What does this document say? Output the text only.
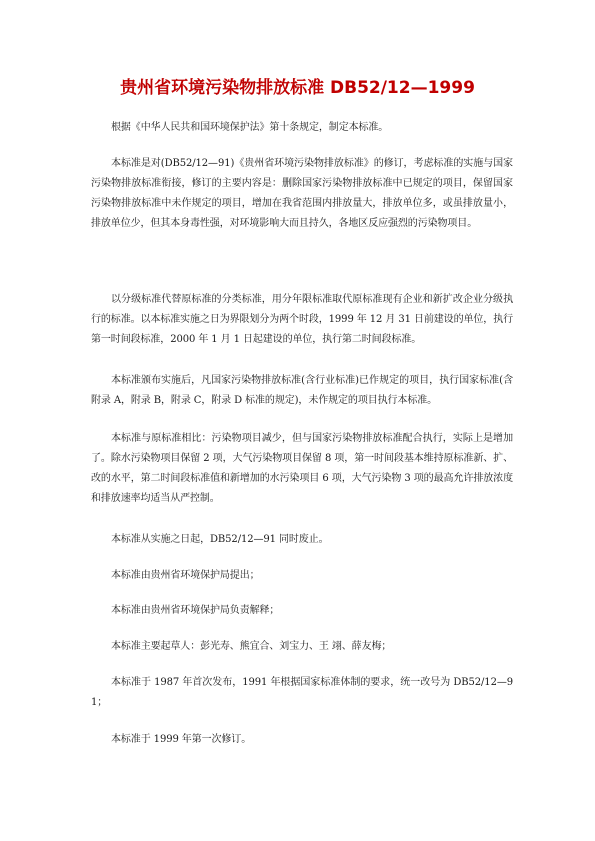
贵州省环境污染物排放标准 DB52/12—1999

根据《中华人民共和国环境保护法》第十条规定，制定本标准。

本标准是对(DB52/12—91)《贵州省环境污染物排放标准》的修订，考虑标准的实施与国家污染物排放标准衔接，修订的主要内容是：删除国家污染物排放标准中已规定的项目，保留国家污染物排放标准中未作规定的项目，增加在我省范围内排放量大，排放单位多，或虽排放量小，排放单位少，但其本身毒性强，对环境影响大而且持久，各地区反应强烈的污染物项目。

以分级标准代替原标准的分类标准，用分年限标准取代原标准现有企业和新扩改企业分级执行的标准。以本标准实施之日为界限划分为两个时段，1999 年 12 月 31 日前建设的单位，执行第一时间段标准，2000 年 1 月 1 日起建设的单位，执行第二时间段标准。

本标准颁布实施后，凡国家污染物排放标准(含行业标准)已作规定的项目，执行国家标准(含附录 A，附录 B，附录 C，附录 D 标准的规定)，未作规定的项目执行本标准。

本标准与原标准相比：污染物项目减少，但与国家污染物排放标准配合执行，实际上是增加了。除水污染物项目保留 2 项，大气污染物项目保留 8 项，第一时间段基本维持原标准新、扩、改的水平，第二时间段标准值和新增加的水污染项目 6 项，大气污染物 3 项的最高允许排放浓度和排放速率均适当从严控制。

本标准从实施之日起，DB52/12—91 同时废止。

本标准由贵州省环境保护局提出；

本标准由贵州省环境保护局负责解释；

本标准主要起草人：彭光寿、熊宜合、刘宝力、王 翊、薛友梅；

本标准于 1987 年首次发布，1991 年根据国家标准体制的要求，统一改号为 DB52/12—91；

本标准于 1999 年第一次修订。
